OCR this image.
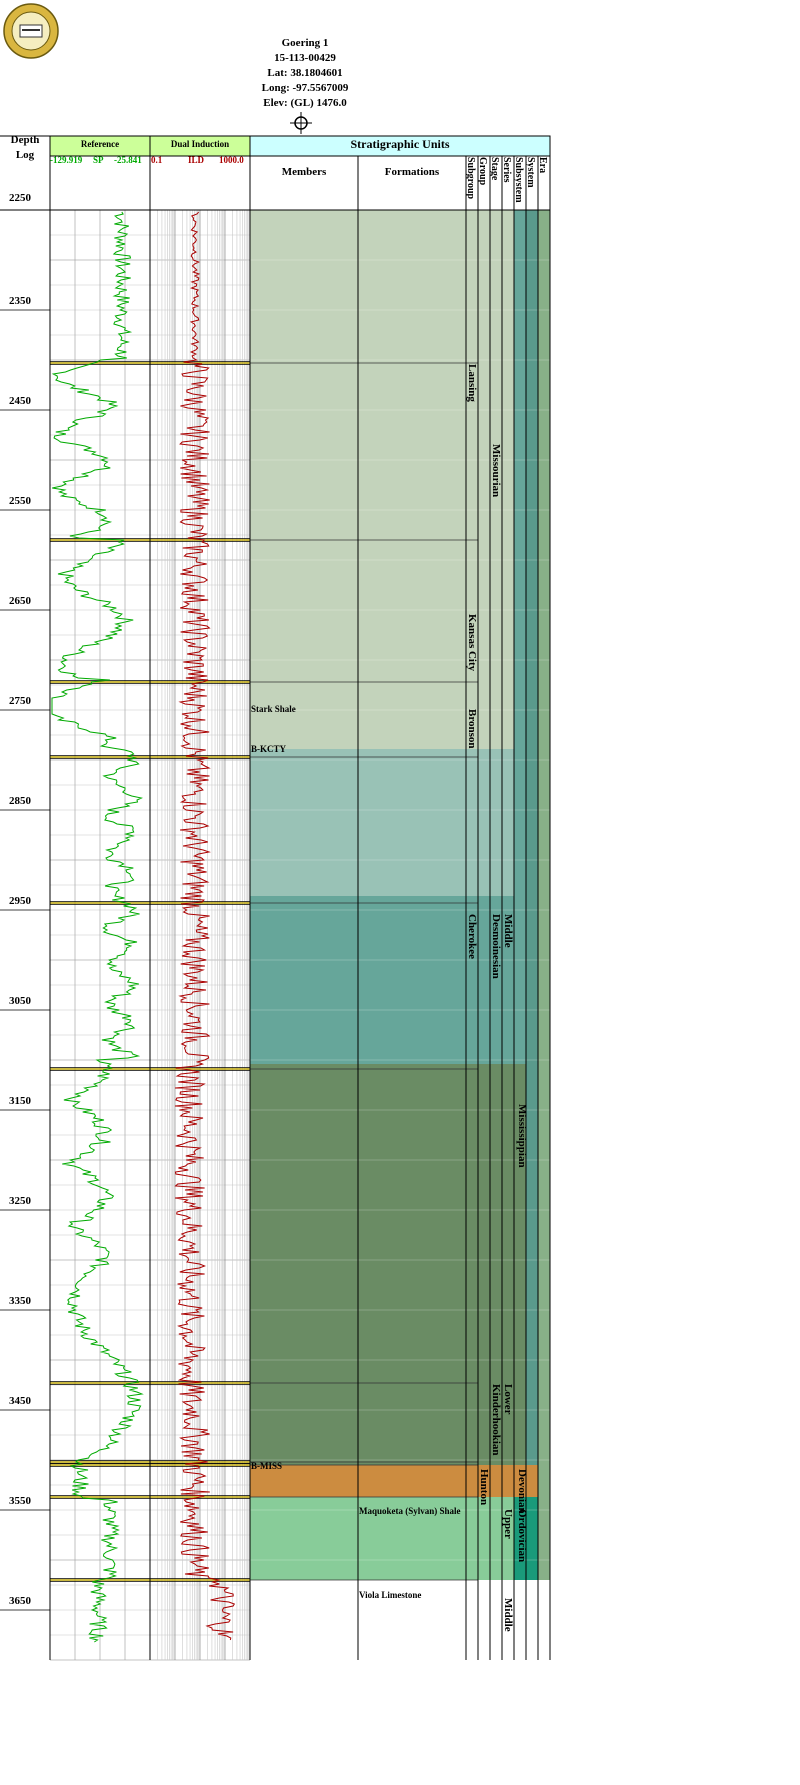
Goering 1
15-113-00429
Lat: 38.1804601
Long: -97.5567009
Elev: (GL) 1476.0
Depth
Log
Reference	Dual Induction	Stratigraphic Units
Members	Formations
-129.919 SP -25.841 0.1	ILD 1000.0
2250
2350
2450
2550
2650
2750
2850
2950
3050
3150
3250
3350
3450
3550
3650
Subgroup Group Stage Series Subsystem System Era
Stark Shale
B-KCTY
B-MISS
Maquoketa (Sylvan) Shale
Viola Limestone
Lansing
Kansas City
Bronson
Cherokee
Hunton
Missourian
Desmoinesian
Kinderhookian
Middle
Lower
Upper
Middle
Mississippian
Devonian
Ordovician
